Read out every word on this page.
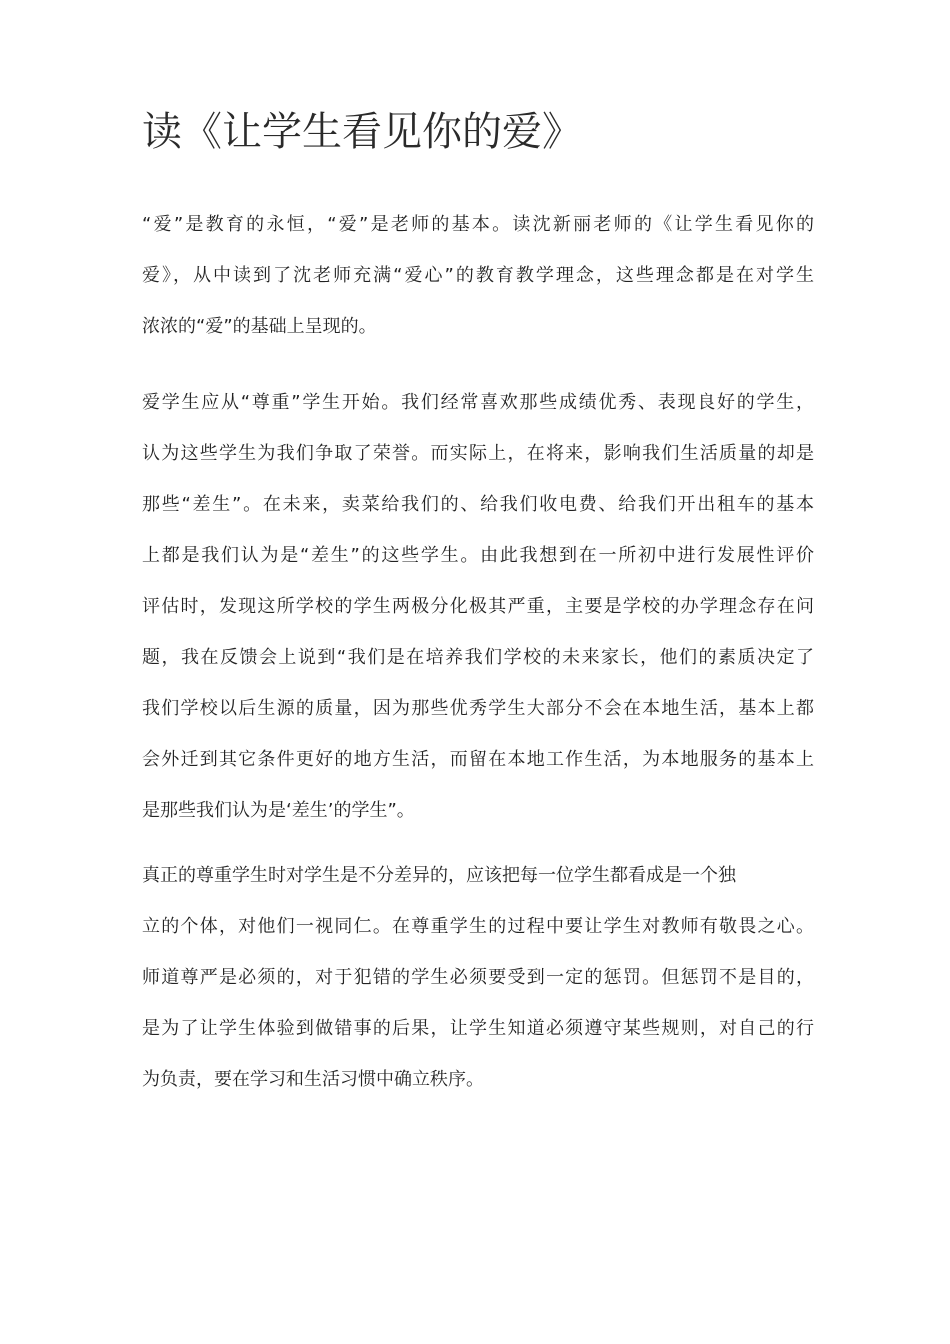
读《让学生看见你的爱》
“爱”是教育的永恒，“爱”是老师的基本。读沈新丽老师的《让学生看见你的
爱》，从中读到了沈老师充满“爱心”的教育教学理念，这些理念都是在对学生
浓浓的“爱”的基础上呈现的。
爱学生应从“尊重”学生开始。我们经常喜欢那些成绩优秀、表现良好的学生，
认为这些学生为我们争取了荣誉。而实际上，在将来，影响我们生活质量的却是
那些“差生”。在未来，卖菜给我们的、给我们收电费、给我们开出租车的基本
上都是我们认为是“差生”的这些学生。由此我想到在一所初中进行发展性评价
评估时，发现这所学校的学生两极分化极其严重，主要是学校的办学理念存在问
题，我在反馈会上说到“我们是在培养我们学校的未来家长，他们的素质决定了
我们学校以后生源的质量，因为那些优秀学生大部分不会在本地生活，基本上都
会外迁到其它条件更好的地方生活，而留在本地工作生活，为本地服务的基本上
是那些我们认为是‘差生’的学生”。
真正的尊重学生时对学生是不分差异的，应该把每一位学生都看成是一个独
立的个体，对他们一视同仁。在尊重学生的过程中要让学生对教师有敬畏之心。
师道尊严是必须的，对于犯错的学生必须要受到一定的惩罚。但惩罚不是目的，
是为了让学生体验到做错事的后果，让学生知道必须遵守某些规则，对自己的行
为负责，要在学习和生活习惯中确立秩序。
